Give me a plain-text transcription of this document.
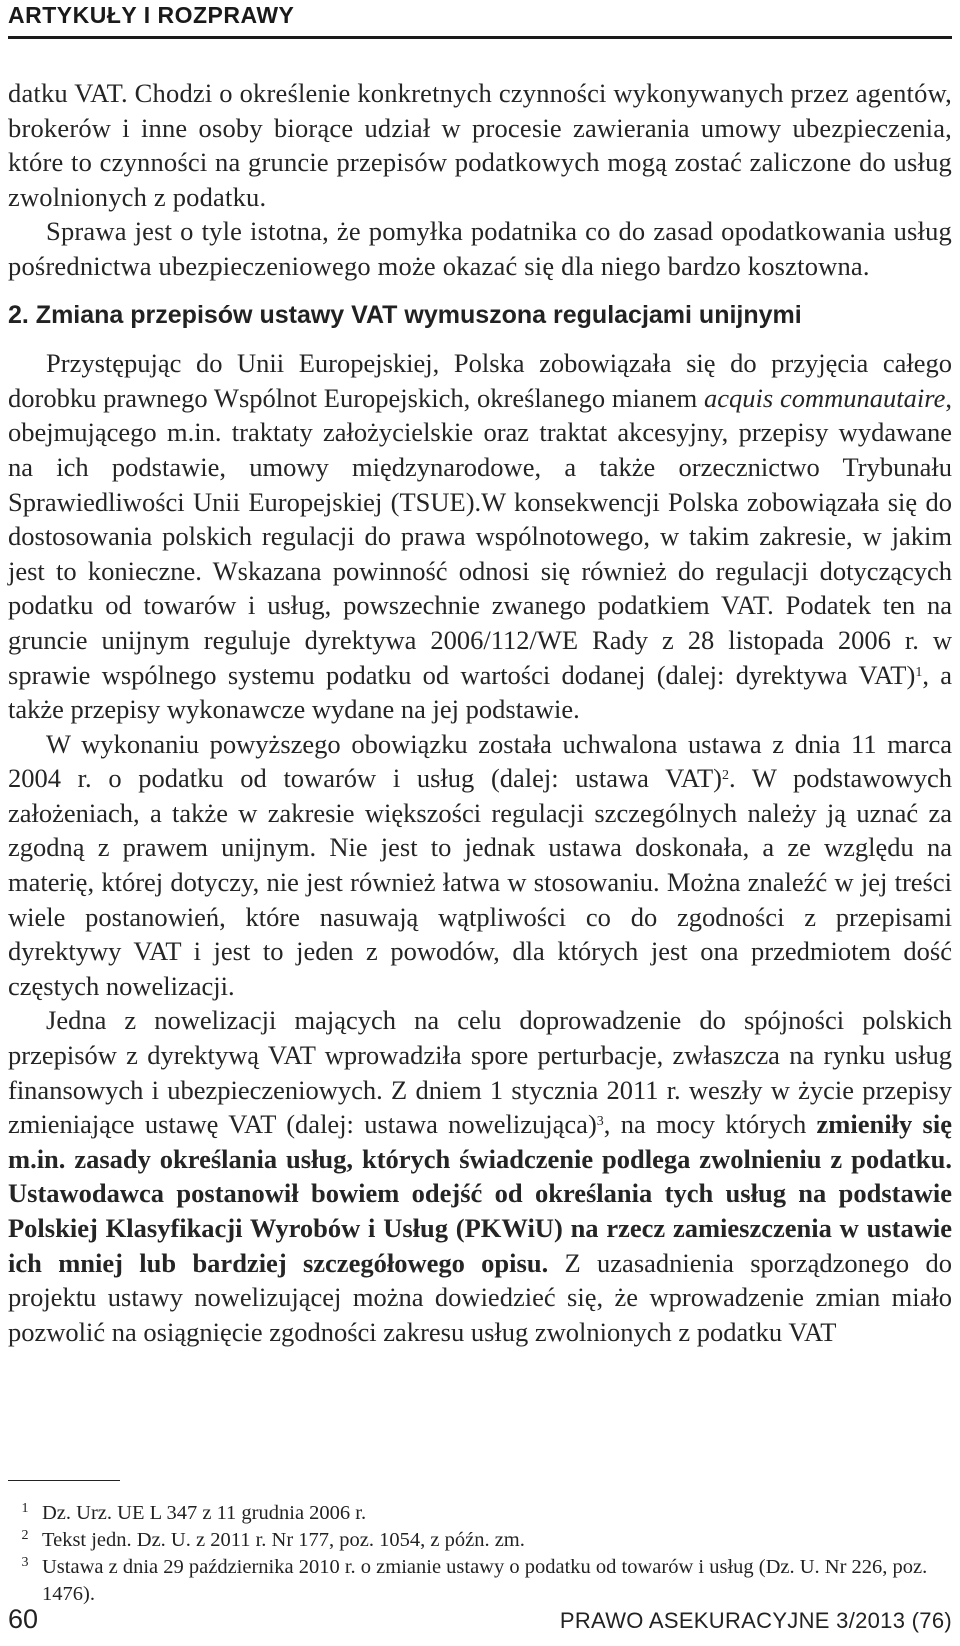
ARTYKUŁY I ROZPRAWY

datku VAT. Chodzi o określenie konkretnych czynności wykonywanych przez agentów, brokerów i inne osoby biorące udział w procesie zawierania umowy ubezpieczenia, które to czynności na gruncie przepisów podatkowych mogą zostać zaliczone do usług zwolnionych z podatku.

Sprawa jest o tyle istotna, że pomyłka podatnika co do zasad opodatkowania usług pośrednictwa ubezpieczeniowego może okazać się dla niego bardzo kosztowna.

2. Zmiana przepisów ustawy VAT wymuszona regulacjami unijnymi

Przystępując do Unii Europejskiej, Polska zobowiązała się do przyjęcia całego dorobku prawnego Wspólnot Europejskich, określanego mianem acquis communautaire, obejmującego m.in. traktaty założycielskie oraz traktat akcesyjny, przepisy wydawane na ich podstawie, umowy międzynarodowe, a także orzecznictwo Trybunału Sprawiedliwości Unii Europejskiej (TSUE).W konsekwencji Polska zobowiązała się do dostosowania polskich regulacji do prawa wspólnotowego, w takim zakresie, w jakim jest to konieczne. Wskazana powinność odnosi się również do regulacji dotyczących podatku od towarów i usług, powszechnie zwanego podatkiem VAT. Podatek ten na gruncie unijnym reguluje dyrektywa 2006/112/WE Rady z 28 listopada 2006 r. w sprawie wspólnego systemu podatku od wartości dodanej (dalej: dyrektywa VAT)$^1$, a także przepisy wykonawcze wydane na jej podstawie.

W wykonaniu powyższego obowiązku została uchwalona ustawa z dnia 11 marca 2004 r. o podatku od towarów i usług (dalej: ustawa VAT)$^2$. W podstawowych założeniach, a także w zakresie większości regulacji szczególnych należy ją uznać za zgodną z prawem unijnym. Nie jest to jednak ustawa doskonała, a ze względu na materię, której dotyczy, nie jest również łatwa w stosowaniu. Można znaleźć w jej treści wiele postanowień, które nasuwają wątpliwości co do zgodności z przepisami dyrektywy VAT i jest to jeden z powodów, dla których jest ona przedmiotem dość częstych nowelizacji.

Jedna z nowelizacji mających na celu doprowadzenie do spójności polskich przepisów z dyrektywą VAT wprowadziła spore perturbacje, zwłaszcza na rynku usług finansowych i ubezpieczeniowych. Z dniem 1 stycznia 2011 r. weszły w życie przepisy zmieniające ustawę VAT (dalej: ustawa nowelizująca)$^3$, na mocy których zmieniły się m.in. zasady określania usług, których świadczenie podlega zwolnieniu z podatku. Ustawodawca postanowił bowiem odejść od określania tych usług na podstawie Polskiej Klasyfikacji Wyrobów i Usług (PKWiU) na rzecz zamieszczenia w ustawie ich mniej lub bardziej szczegółowego opisu. Z uzasadnienia sporządzonego do projektu ustawy nowelizującej można dowiedzieć się, że wprowadzenie zmian miało pozwolić na osiągnięcie zgodności zakresu usług zwolnionych z podatku VAT

1 Dz. Urz. UE L 347 z 11 grudnia 2006 r.
2 Tekst jedn. Dz. U. z 2011 r. Nr 177, poz. 1054, z późn. zm.
3 Ustawa z dnia 29 października 2010 r. o zmianie ustawy o podatku od towarów i usług (Dz. U. Nr 226, poz. 1476).
60	PRAWO ASEKURACYJNE 3/2013 (76)
